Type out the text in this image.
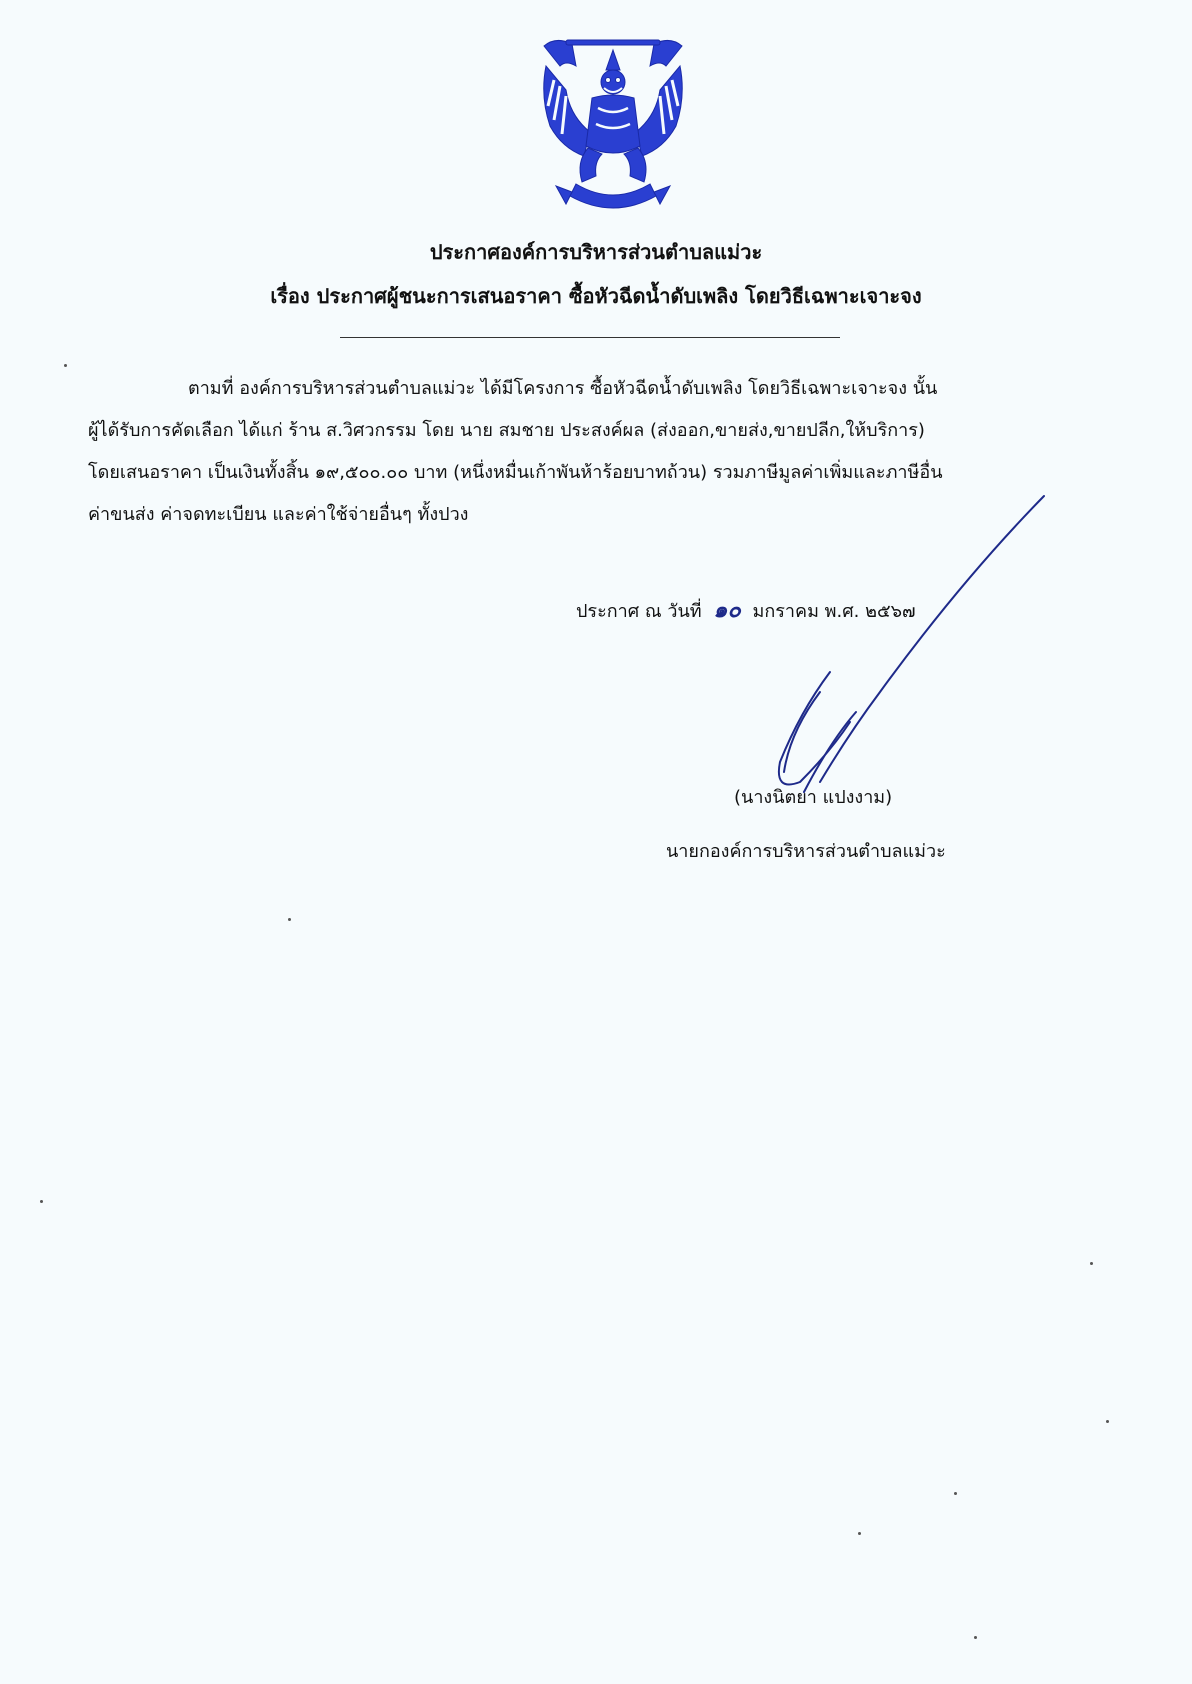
ประกาศองค์การบริหารส่วนตำบลแม่วะ
เรื่อง ประกาศผู้ชนะการเสนอราคา ซื้อหัวฉีดน้ำดับเพลิง โดยวิธีเฉพาะเจาะจง
ตามที่ องค์การบริหารส่วนตำบลแม่วะ ได้มีโครงการ ซื้อหัวฉีดน้ำดับเพลิง โดยวิธีเฉพาะเจาะจง นั้น
ผู้ได้รับการคัดเลือก ได้แก่ ร้าน ส.วิศวกรรม โดย นาย สมชาย ประสงค์ผล (ส่งออก,ขายส่ง,ขายปลีก,ให้บริการ)
โดยเสนอราคา เป็นเงินทั้งสิ้น ๑๙,๕๐๐.๐๐ บาท (หนึ่งหมื่นเก้าพันห้าร้อยบาทถ้วน) รวมภาษีมูลค่าเพิ่มและภาษีอื่น
ค่าขนส่ง ค่าจดทะเบียน และค่าใช้จ่ายอื่นๆ ทั้งปวง
ประกาศ ณ วันที่ ๑๐ มกราคม พ.ศ. ๒๕๖๗
(นางนิตยา แปงงาม)
นายกองค์การบริหารส่วนตำบลแม่วะ
